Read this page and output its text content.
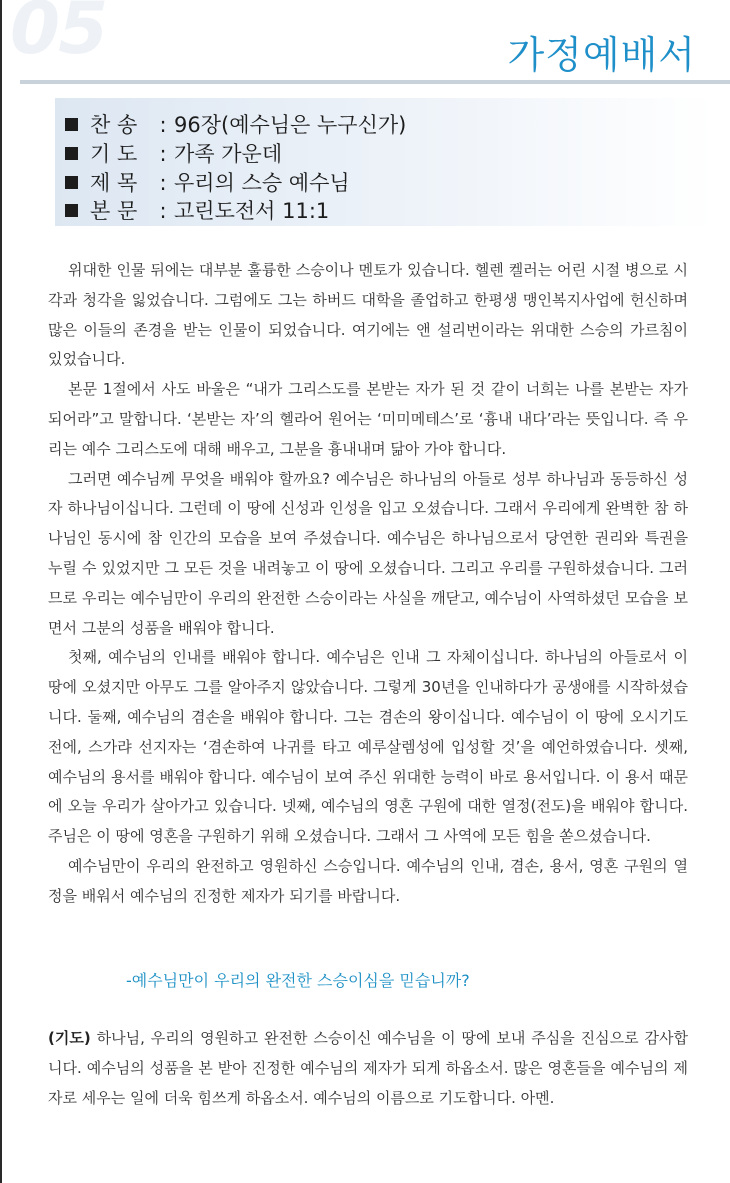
05	가정예배서
찬 송 : 96장(예수님은 누구신가)
기 도 : 가족 가운데
제 목 : 우리의 스승 예수님
본 문 : 고린도전서 11:1

위대한 인물 뒤에는 대부분 훌륭한 스승이나 멘토가 있습니다. 헬렌 켈러는 어린 시절 병으로 시각과 청각을 잃었습니다. 그럼에도 그는 하버드 대학을 졸업하고 한평생 맹인복지사업에 헌신하며 많은 이들의 존경을 받는 인물이 되었습니다. 여기에는 앤 설리번이라는 위대한 스승의 가르침이 있었습니다.

본문 1절에서 사도 바울은 “내가 그리스도를 본받는 자가 된 것 같이 너희는 나를 본받는 자가 되어라”고 말합니다. ‘본받는 자’의 헬라어 원어는 ‘미미메테스’로 ‘흉내 내다’라는 뜻입니다. 즉 우리는 예수 그리스도에 대해 배우고, 그분을 흉내내며 닮아 가야 합니다.

그러면 예수님께 무엇을 배워야 할까요? 예수님은 하나님의 아들로 성부 하나님과 동등하신 성자 하나님이십니다. 그런데 이 땅에 신성과 인성을 입고 오셨습니다. 그래서 우리에게 완벽한 참 하나님인 동시에 참 인간의 모습을 보여 주셨습니다. 예수님은 하나님으로서 당연한 권리와 특권을 누릴 수 있었지만 그 모든 것을 내려놓고 이 땅에 오셨습니다. 그리고 우리를 구원하셨습니다. 그러므로 우리는 예수님만이 우리의 완전한 스승이라는 사실을 깨닫고, 예수님이 사역하셨던 모습을 보면서 그분의 성품을 배워야 합니다.

첫째, 예수님의 인내를 배워야 합니다. 예수님은 인내 그 자체이십니다. 하나님의 아들로서 이 땅에 오셨지만 아무도 그를 알아주지 않았습니다. 그렇게 30년을 인내하다가 공생애를 시작하셨습니다. 둘째, 예수님의 겸손을 배워야 합니다. 그는 겸손의 왕이십니다. 예수님이 이 땅에 오시기도 전에, 스가랴 선지자는 ‘겸손하여 나귀를 타고 예루살렘성에 입성할 것’을 예언하였습니다. 셋째, 예수님의 용서를 배워야 합니다. 예수님이 보여 주신 위대한 능력이 바로 용서입니다. 이 용서 때문에 오늘 우리가 살아가고 있습니다. 넷째, 예수님의 영혼 구원에 대한 열정(전도)을 배워야 합니다. 주님은 이 땅에 영혼을 구원하기 위해 오셨습니다. 그래서 그 사역에 모든 힘을 쏟으셨습니다.

예수님만이 우리의 완전하고 영원하신 스승입니다. 예수님의 인내, 겸손, 용서, 영혼 구원의 열정을 배워서 예수님의 진정한 제자가 되기를 바랍니다.

-예수님만이 우리의 완전한 스승이심을 믿습니까?
(기도) 하나님, 우리의 영원하고 완전한 스승이신 예수님을 이 땅에 보내 주심을 진심으로 감사합니다. 예수님의 성품을 본 받아 진정한 예수님의 제자가 되게 하옵소서. 많은 영혼들을 예수님의 제자로 세우는 일에 더욱 힘쓰게 하옵소서. 예수님의 이름으로 기도합니다. 아멘.
